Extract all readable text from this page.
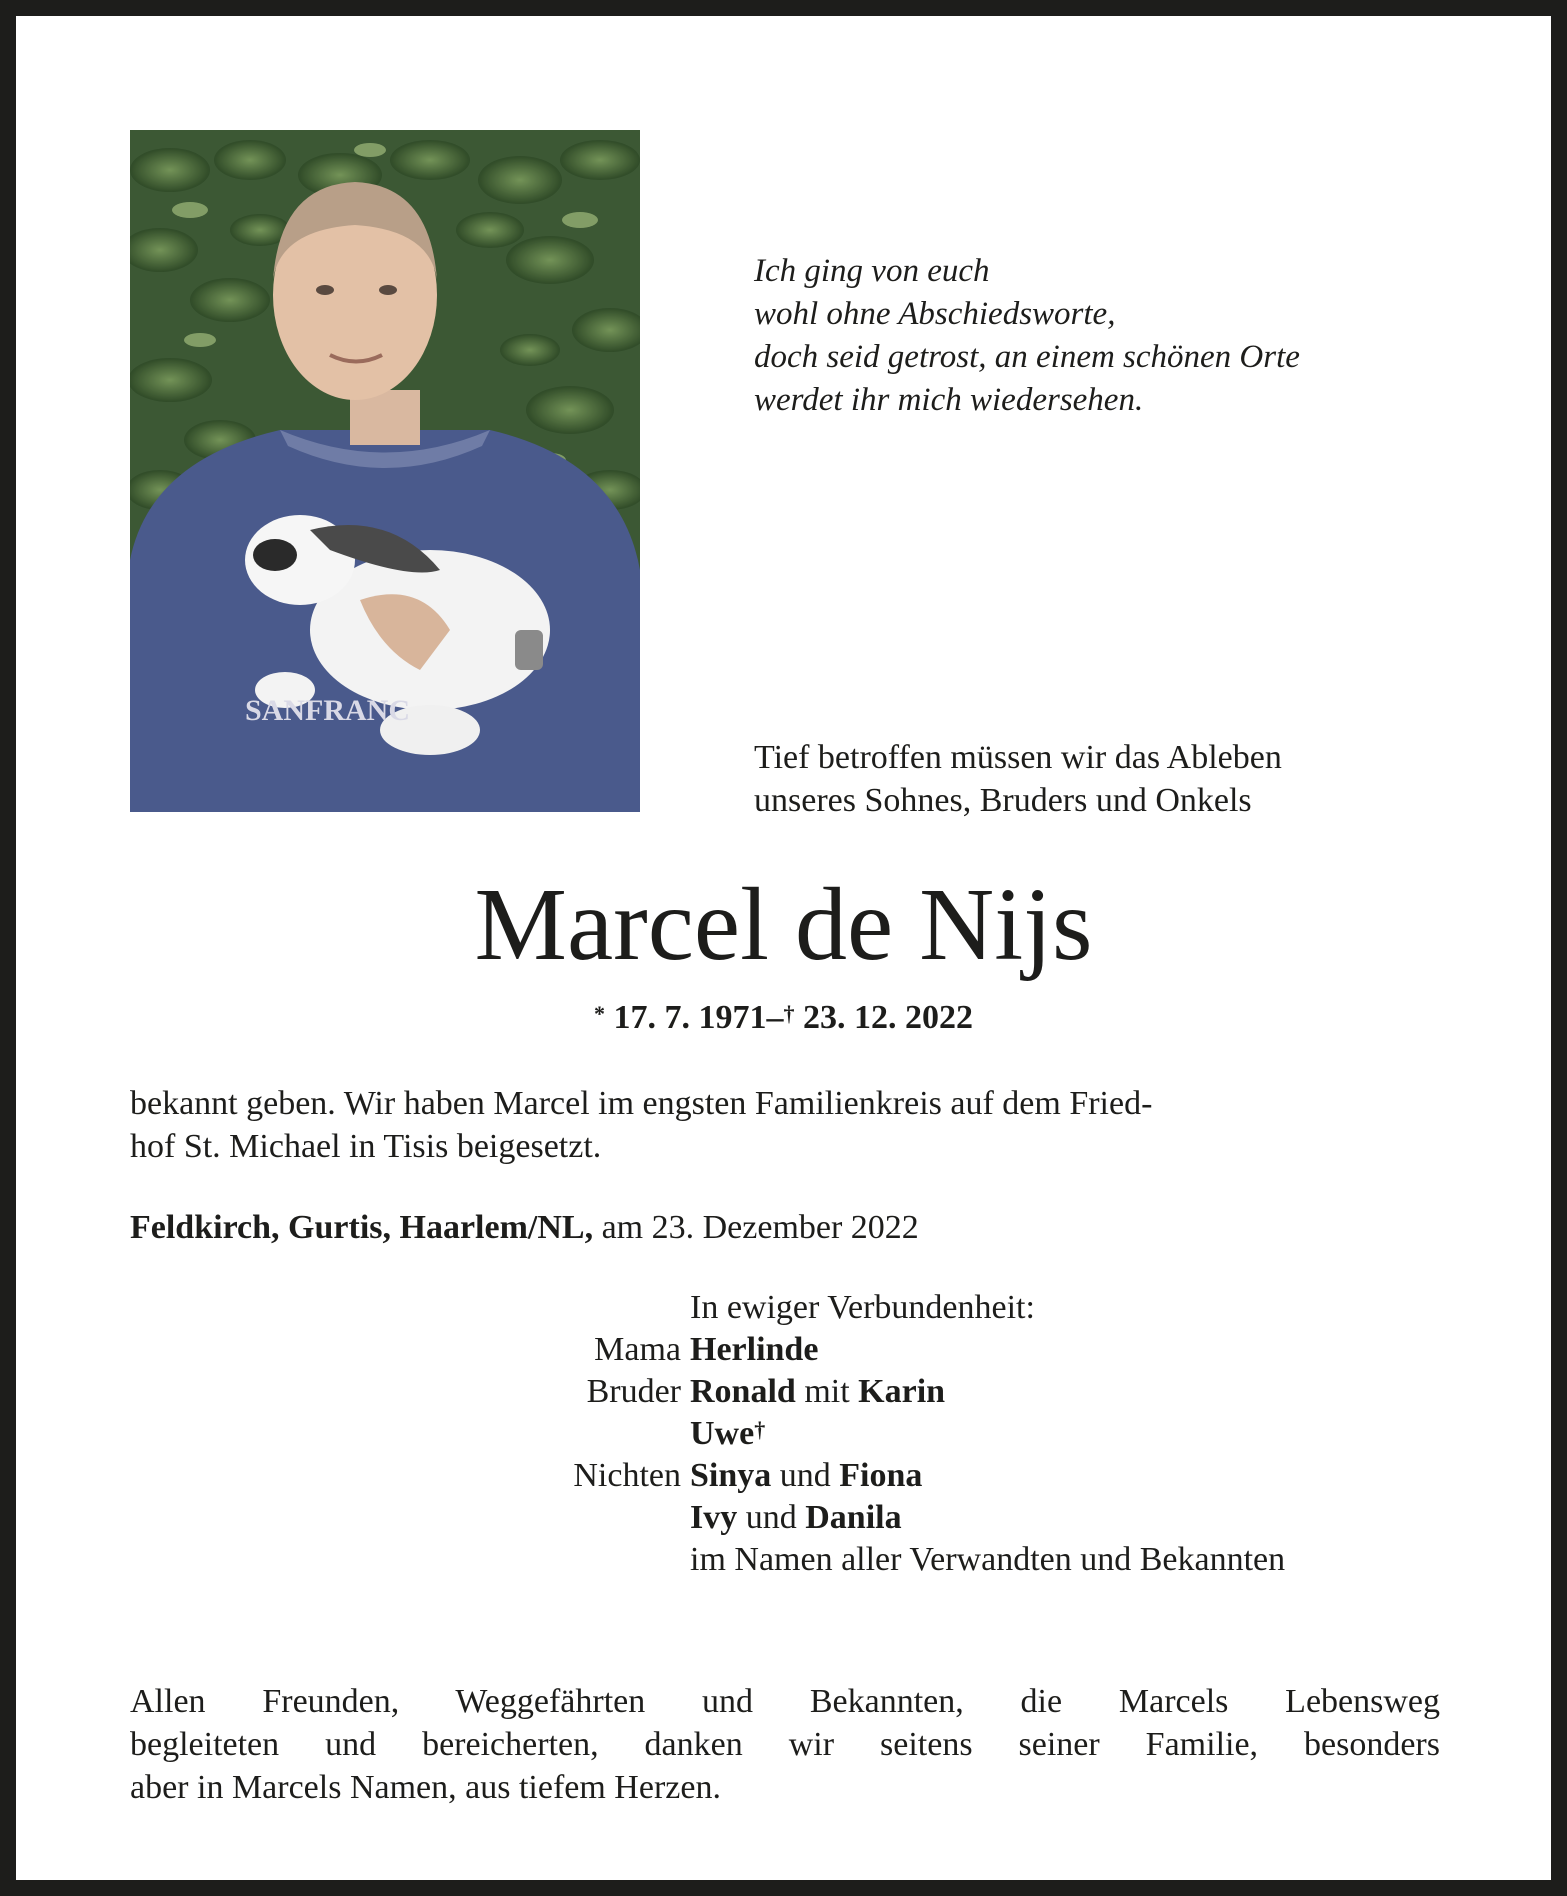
SANFRANC
Ich ging von euch
wohl ohne Abschiedsworte,
doch seid getrost, an einem schönen Orte
werdet ihr mich wiedersehen.
Tief betroffen müssen wir das Ableben
unseres Sohnes, Bruders und Onkels
Marcel de Nijs
* 17. 7. 1971–† 23. 12. 2022
bekannt geben. Wir haben Marcel im engsten Familienkreis auf dem Fried-
hof St. Michael in Tisis beigesetzt.
Feldkirch, Gurtis, Haarlem/NL, am 23. Dezember 2022
In ewiger Verbundenheit:
Mama Herlinde
Bruder Ronald mit Karin
Uwe†
Nichten Sinya und Fiona
Ivy und Danila
im Namen aller Verwandten und Bekannten
Allen Freunden, Weggefährten und Bekannten, die Marcels Lebensweg
begleiteten und bereicherten, danken wir seitens seiner Familie, besonders
aber in Marcels Namen, aus tiefem Herzen.
